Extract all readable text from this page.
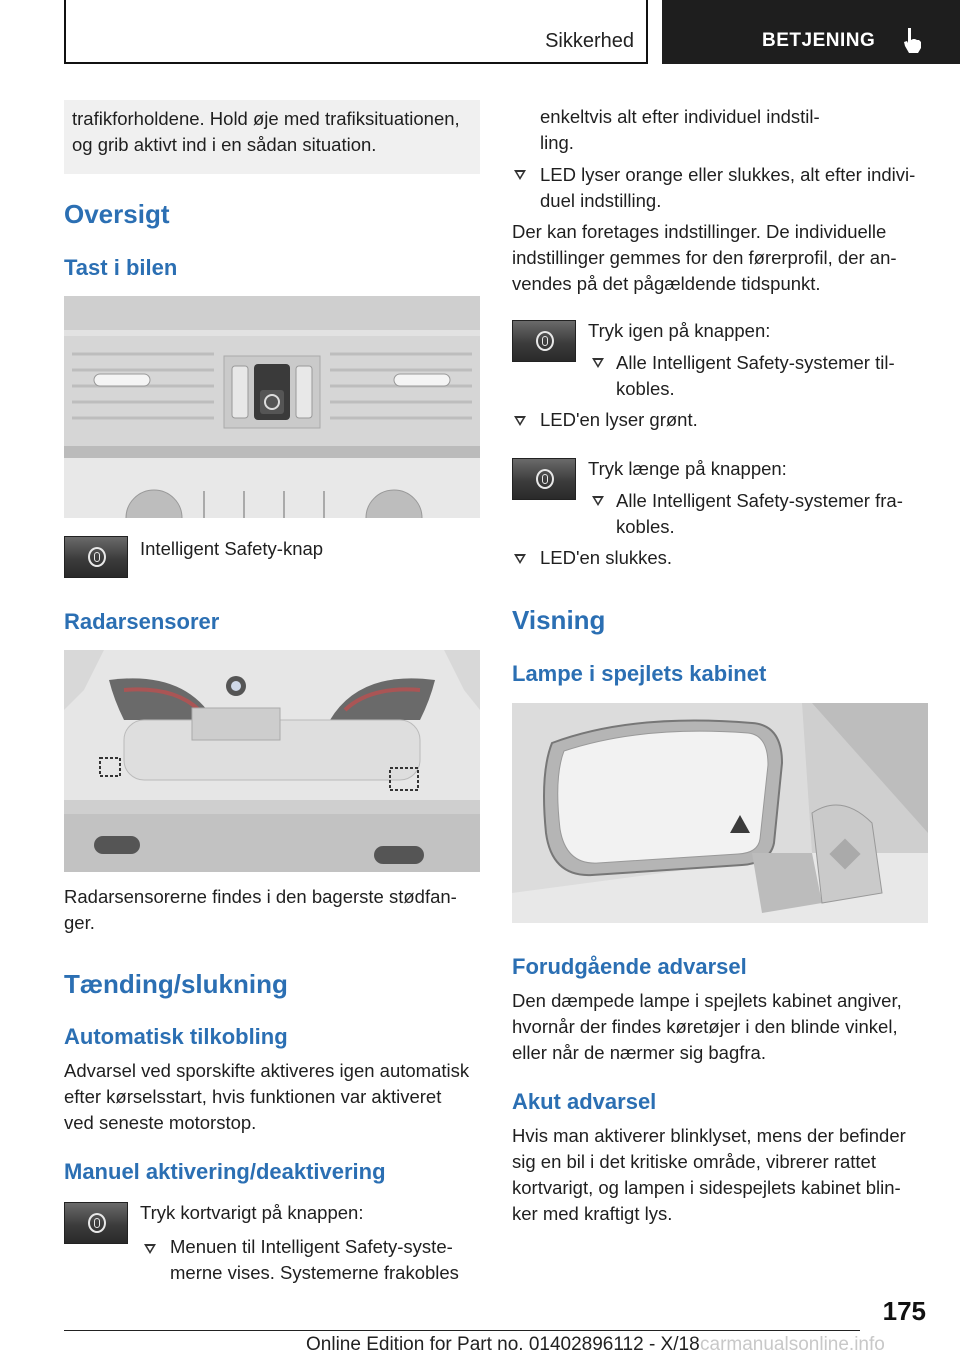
Sikkerhed	BETJENING
trafikforholdene. Hold øje med trafiksituationen,
og grib aktivt ind i en sådan situation.
Oversigt
Tast i bilen
Intelligent Safety-knap
Radarsensorer
Radarsensorerne findes i den bagerste stødfan-
ger.
Tænding/slukning
Automatisk tilkobling
Advarsel ved sporskifte aktiveres igen automatisk
efter kørselsstart, hvis funktionen var aktiveret
ved seneste motorstop.
Manuel aktivering/deaktivering
Tryk kortvarigt på knappen:
Menuen til Intelligent Safety-syste-
merne vises. Systemerne frakobles
enkeltvis alt efter individuel indstil-
ling.
LED lyser orange eller slukkes, alt efter indivi-
duel indstilling.
Der kan foretages indstillinger. De individuelle
indstillinger gemmes for den førerprofil, der an-
vendes på det pågældende tidspunkt.
Tryk igen på knappen:
Alle Intelligent Safety-systemer til-
kobles.
LED'en lyser grønt.
Tryk længe på knappen:
Alle Intelligent Safety-systemer fra-
kobles.
LED'en slukkes.
Visning
Lampe i spejlets kabinet
Forudgående advarsel
Den dæmpede lampe i spejlets kabinet angiver,
hvornår der findes køretøjer i den blinde vinkel,
eller når de nærmer sig bagfra.
Akut advarsel
Hvis man aktiverer blinklyset, mens der befinder
sig en bil i det kritiske område, vibrerer rattet
kortvarigt, og lampen i sidespejlets kabinet blin-
ker med kraftigt lys.
175
Online Edition for Part no. 01402896112 - X/18 carmanualsonline.info
